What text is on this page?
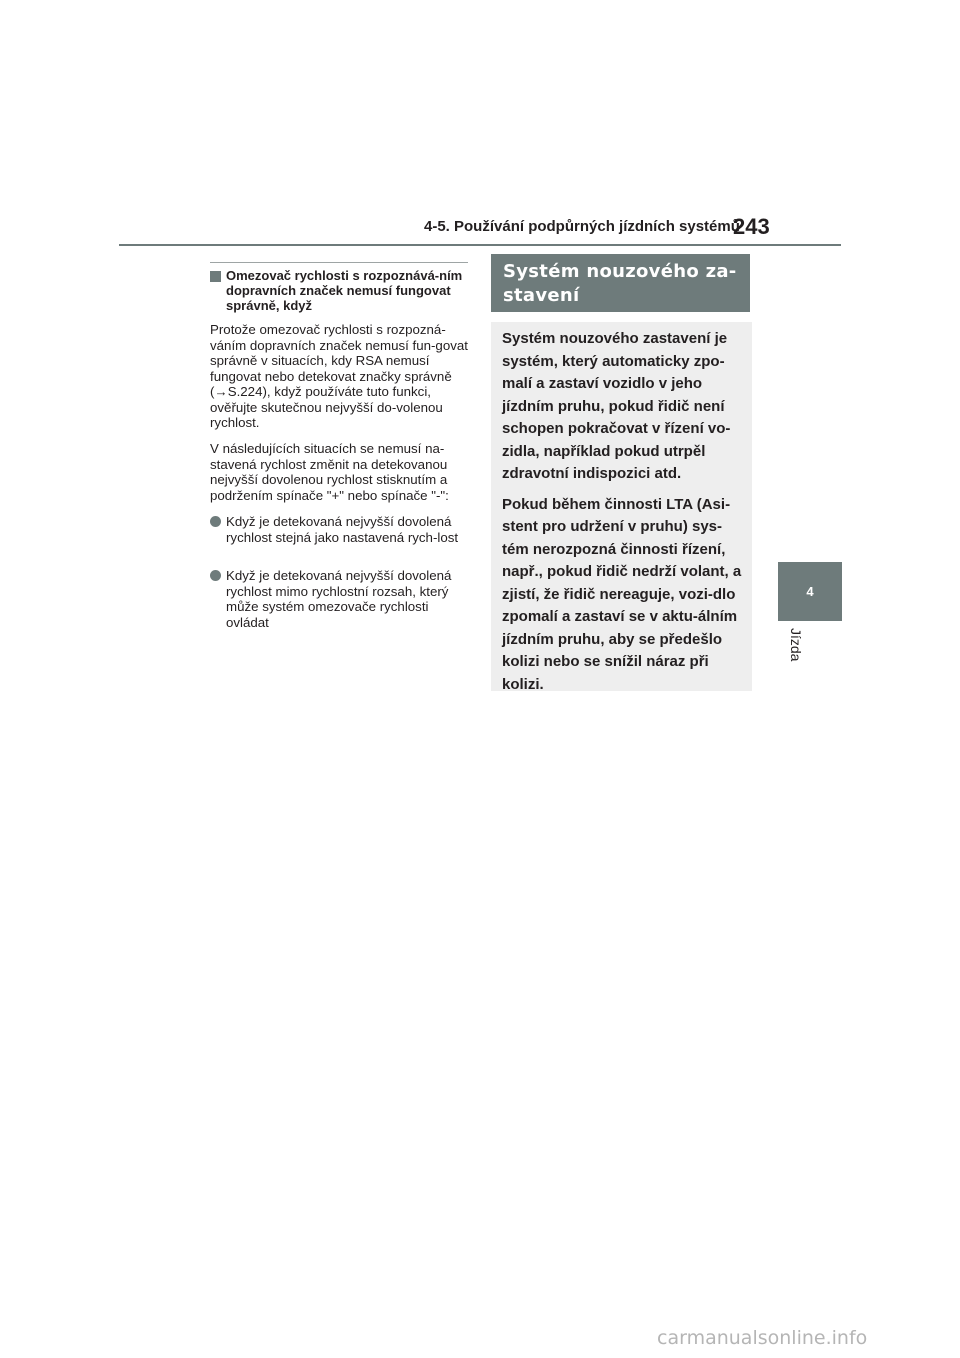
4-5. Používání podpůrných jízdních systémů
243
4
Jízda
Omezovač rychlosti s rozpoznává-ním dopravních značek nemusí fungovat správně, když
Protože omezovač rychlosti s rozpozná-váním dopravních značek nemusí fun-govat správně v situacích, kdy RSA nemusí fungovat nebo detekovat značky správně (→S.224), když používáte tuto funkci, ověřujte skutečnou nejvyšší do-volenou rychlost.
V následujících situacích se nemusí na-stavená rychlost změnit na detekovanou nejvyšší dovolenou rychlost stisknutím a podržením spínače "+" nebo spínače "-":
Když je detekovaná nejvyšší dovolená rychlost stejná jako nastavená rych-lost
Když je detekovaná nejvyšší dovolená rychlost mimo rychlostní rozsah, který může systém omezovače rychlosti ovládat
Systém nouzového za-stavení

Systém nouzového zastavení je systém, který automaticky zpo-malí a zastaví vozidlo v jeho jízdním pruhu, pokud řidič není schopen pokračovat v řízení vo-zidla, například pokud utrpěl zdravotní indispozici atd.

Pokud během činnosti LTA (Asi-stent pro udržení v pruhu) sys-tém nerozpozná činnosti řízení, např., pokud řidič nedrží volant, a zjistí, že řidič nereaguje, vozi-dlo zpomalí a zastaví se v aktu-álním jízdním pruhu, aby se předešlo kolizi nebo se snížil náraz při kolizi.

carmanualsonline.info
